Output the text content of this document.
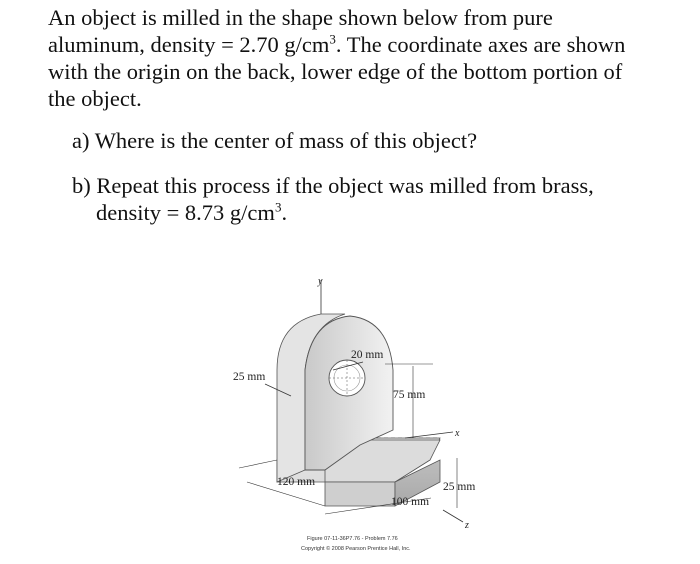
An object is milled in the shape shown below from pure
aluminum, density = 2.70 $g/cm^3$. The coordinate axes are shown
with the origin on the back, lower edge of the bottom portion of
the object.

a) Where is the center of mass of this object?
b) Repeat this process if the object was milled from brass,
density = 8.73 $g/cm^3$.
y
x
z
20 mm
25 mm
75 mm
120 mm
100 mm
25 mm
Figure 07-11-36P7.76 - Problem 7.76
Copyright © 2008 Pearson Prentice Hall, Inc.
